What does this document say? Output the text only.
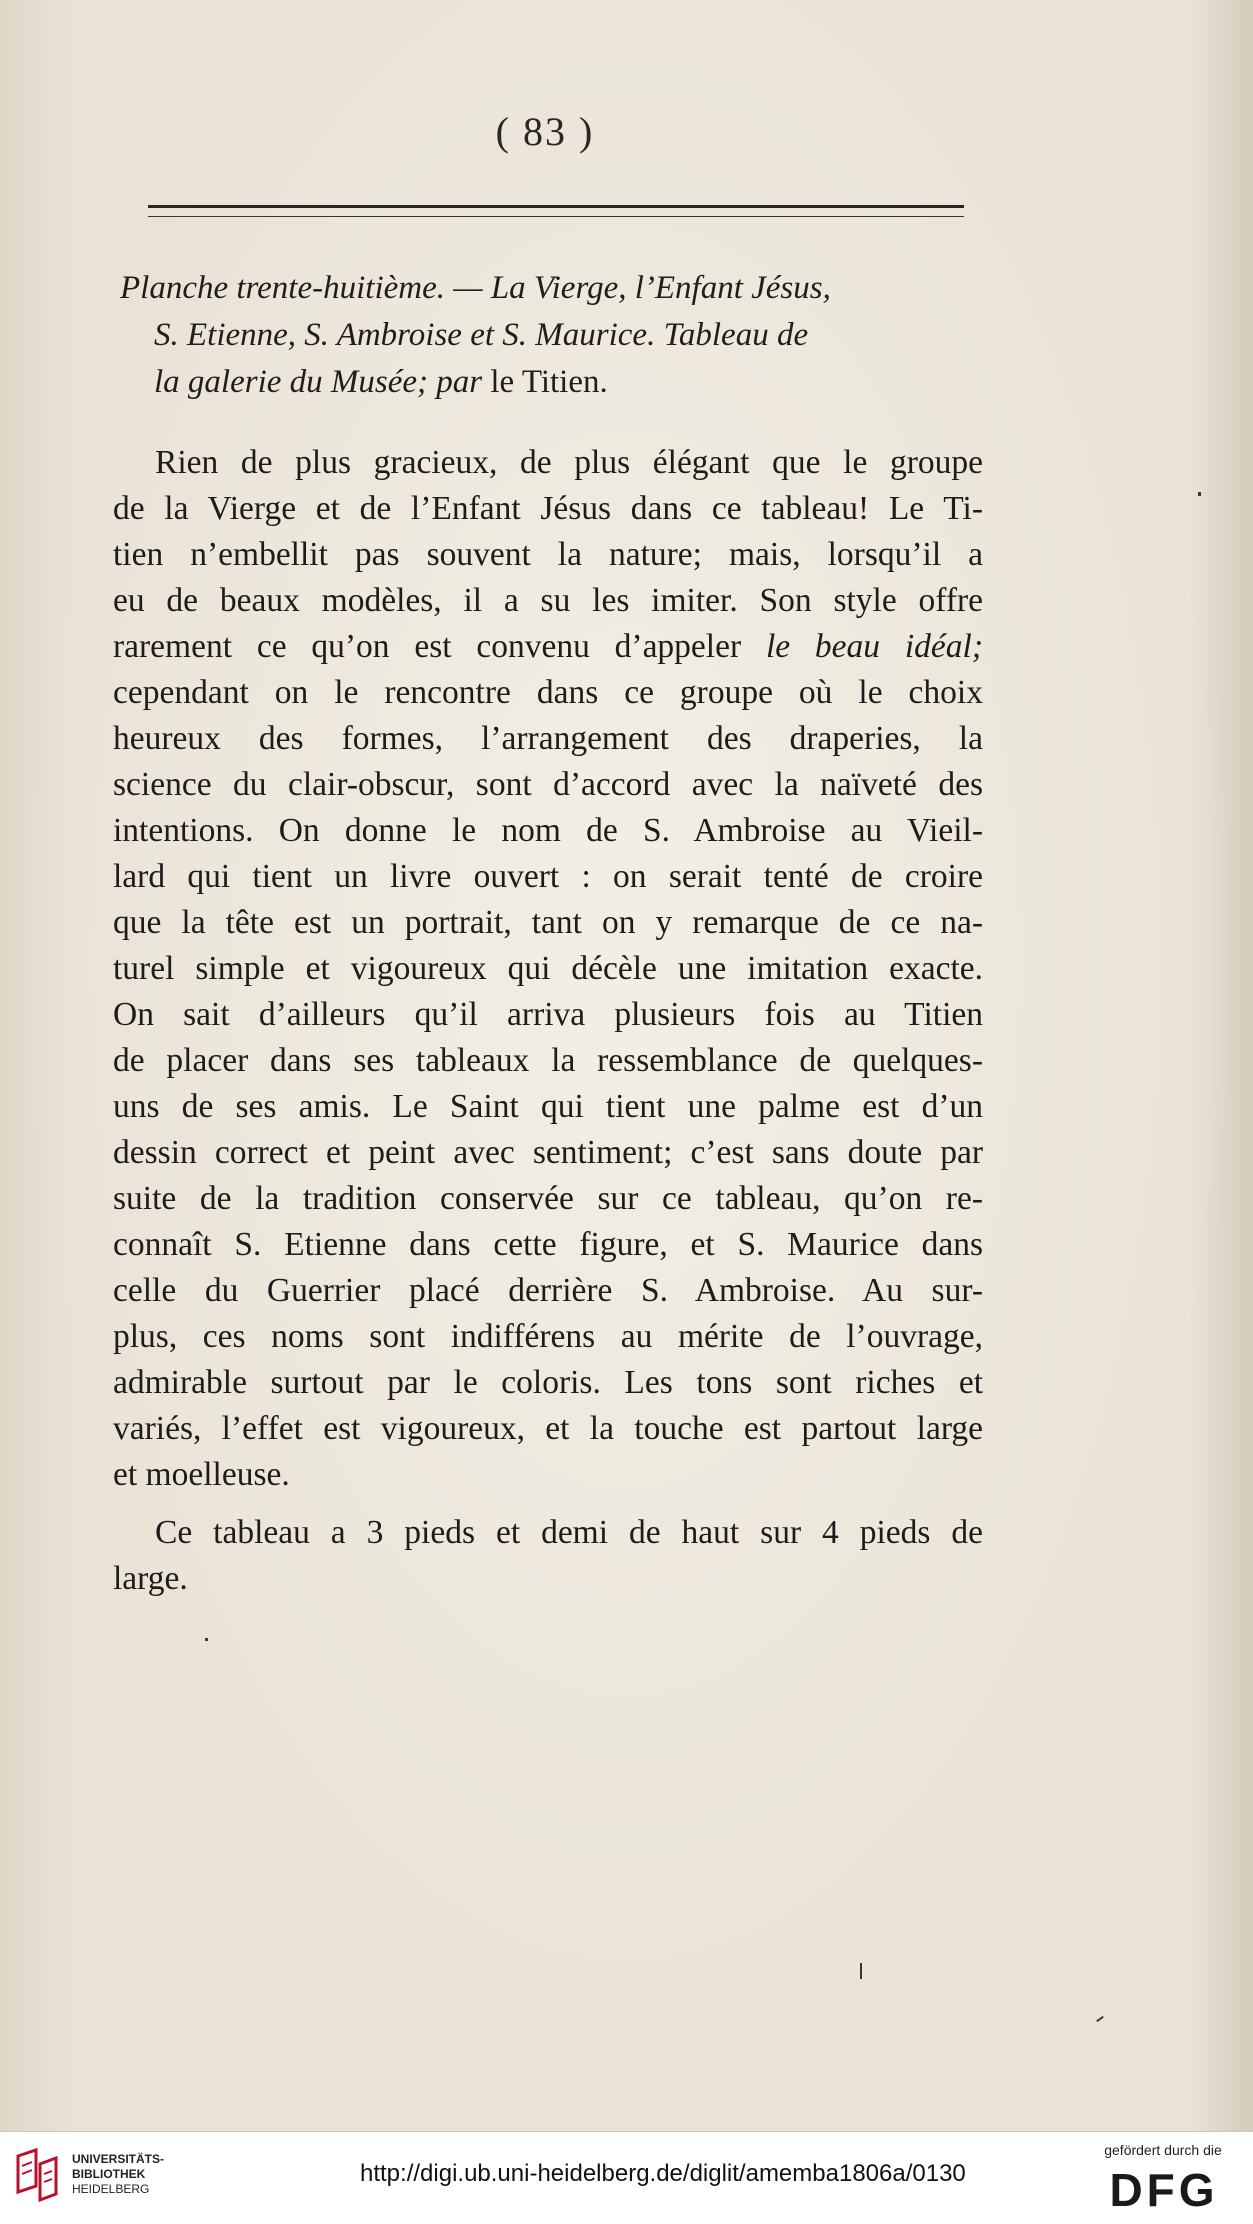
( 83 )
Planche trente-huitième. — La Vierge, l’Enfant Jésus,
S. Etienne, S. Ambroise et S. Maurice. Tableau de
la galerie du Musée; par le Titien.
Rien de plus gracieux, de plus élégant que le groupe
de la Vierge et de l’Enfant Jésus dans ce tableau! Le Ti-
tien n’embellit pas souvent la nature; mais, lorsqu’il a
eu de beaux modèles, il a su les imiter. Son style offre
rarement ce qu’on est convenu d’appeler le beau idéal;
cependant on le rencontre dans ce groupe où le choix
heureux des formes, l’arrangement des draperies, la
science du clair-obscur, sont d’accord avec la naïveté des
intentions. On donne le nom de S. Ambroise au Vieil-
lard qui tient un livre ouvert : on serait tenté de croire
que la tête est un portrait, tant on y remarque de ce na-
turel simple et vigoureux qui décèle une imitation exacte.
On sait d’ailleurs qu’il arriva plusieurs fois au Titien
de placer dans ses tableaux la ressemblance de quelques-
uns de ses amis. Le Saint qui tient une palme est d’un
dessin correct et peint avec sentiment; c’est sans doute par
suite de la tradition conservée sur ce tableau, qu’on re-
connaît S. Etienne dans cette figure, et S. Maurice dans
celle du Guerrier placé derrière S. Ambroise. Au sur-
plus, ces noms sont indifférens au mérite de l’ouvrage,
admirable surtout par le coloris. Les tons sont riches et
variés, l’effet est vigoureux, et la touche est partout large
et moelleuse.
Ce tableau a 3 pieds et demi de haut sur 4 pieds de
large.
UNIVERSITÄTS-
BIBLIOTHEK
HEIDELBERG
http://digi.ub.uni-heidelberg.de/diglit/amemba1806a/0130
gefördert durch die
DFG
